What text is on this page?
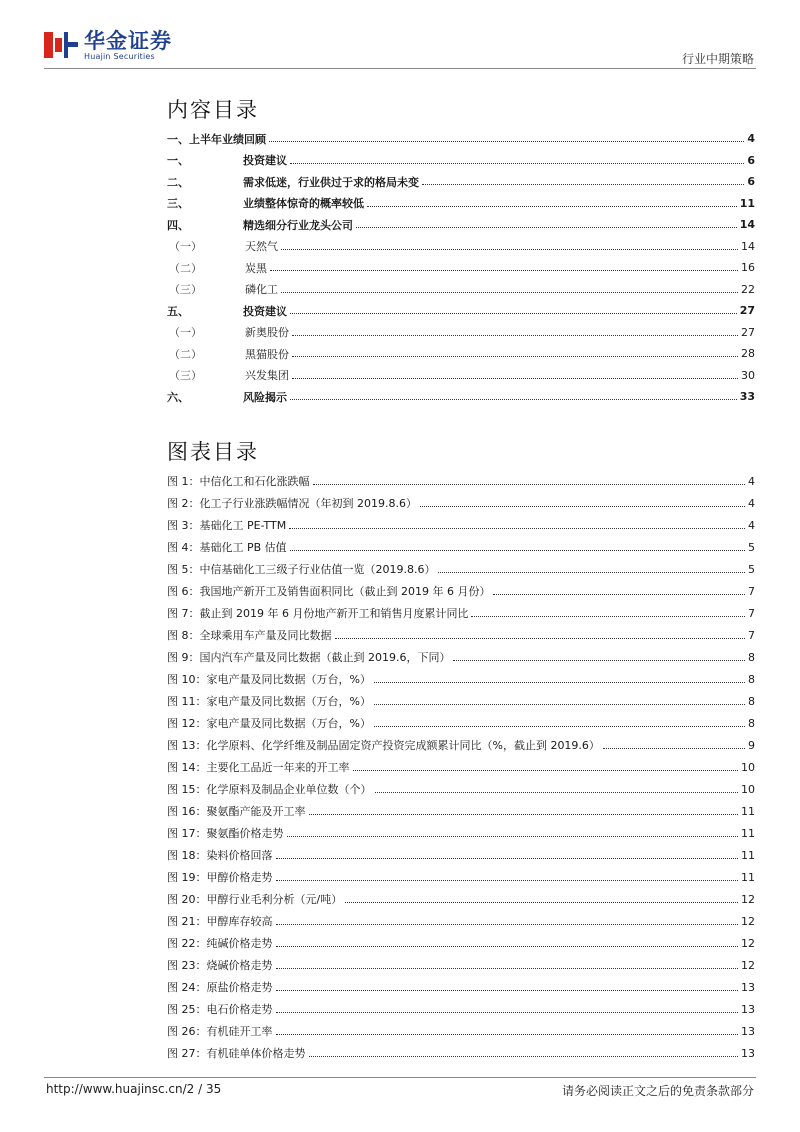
华金证券
Huajin Securities	行业中期策略
内容目录
一、上半年业绩回顾	4
一、	投资建议	6
二、	需求低迷，行业供过于求的格局未变	6
三、	业绩整体惊奇的概率较低	11
四、	精选细分行业龙头公司	14
（一）	天然气	14
（二）	炭黑	16
（三）	磷化工	22
五、	投资建议	27
（一）	新奥股份	27
（二）	黑猫股份	28
（三）	兴发集团	30
六、	风险揭示	33
图表目录
图 1：中信化工和石化涨跌幅	4
图 2：化工子行业涨跌幅情况（年初到 2019.8.6）	4
图 3：基础化工 PE-TTM	4
图 4：基础化工 PB 估值	5
图 5：中信基础化工三级子行业估值一览（2019.8.6）	5
图 6：我国地产新开工及销售面积同比（截止到 2019 年 6 月份）	7
图 7：截止到 2019 年 6 月份地产新开工和销售月度累计同比	7
图 8：全球乘用车产量及同比数据	7
图 9：国内汽车产量及同比数据（截止到 2019.6，下同）	8
图 10：家电产量及同比数据（万台，%）	8
图 11：家电产量及同比数据（万台，%）	8
图 12：家电产量及同比数据（万台，%）	8
图 13：化学原料、化学纤维及制品固定资产投资完成额累计同比（%，截止到 2019.6）	9
图 14：主要化工品近一年来的开工率	10
图 15：化学原料及制品企业单位数（个）	10
图 16：聚氨酯产能及开工率	11
图 17：聚氨酯价格走势	11
图 18：染料价格回落	11
图 19：甲醇价格走势	11
图 20：甲醇行业毛利分析（元/吨）	12
图 21：甲醇库存较高	12
图 22：纯碱价格走势	12
图 23：烧碱价格走势	12
图 24：原盐价格走势	13
图 25：电石价格走势	13
图 26：有机硅开工率	13
图 27：有机硅单体价格走势	13
http://www.huajinsc.cn/2 / 35	请务必阅读正文之后的免责条款部分
